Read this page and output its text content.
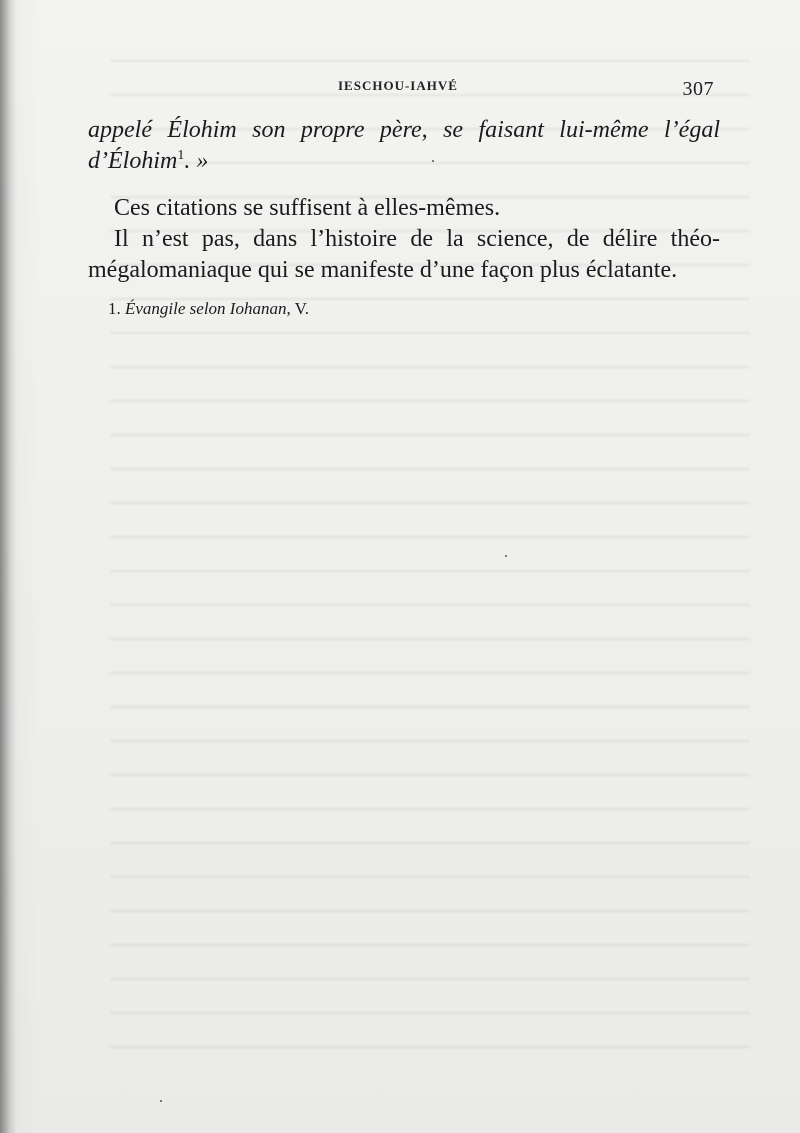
IESCHOU-IAHVÉ	307

appelé Élohim son propre père, se faisant lui-même l’égal
d’Élohim$^1$. »

Ces citations se suffisent à elles-mêmes.

Il n’est pas, dans l’histoire de la science, de délire théo-
mégalomaniaque qui se manifeste d’une façon plus éclatante.

1. Évangile selon Iohanan, V.
